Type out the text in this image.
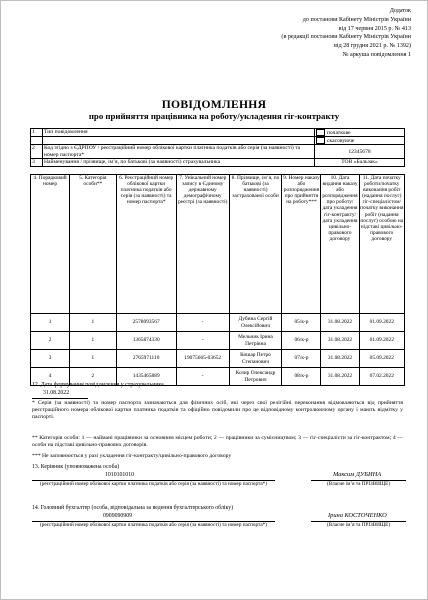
Додаток
до постанови Кабінету Міністрів України
від 17 червня 2015 р. № 413
(в редакції постанови Кабінету Міністрів України
від 28 грудня 2021 р. № 1392)
№ аркуша повідомлення 1
ПОВІДОМЛЕННЯ
про прийняття працівника на роботу/укладення гіг-контракту
1	Тип повідомлення	початкове
		скасовуюче
2	Код згідно з ЄДРПОУ / реєстраційний номер облікової картки платника податків або серія (за наявності) та номер паспорта*	12345678
3	Найменування / прізвище, ім’я, по батькові (за наявності) страхувальника	ТОВ «Бальзак»
4. Порядковий номер	5. Категорія особи**	6. Реєстраційний номер облікової картки платника податків або серія (за наявності) та номер паспорта*	7. Унікальний номер запису в Єдиному державному демографічному реєстрі (за наявності)	8. Прізвище, ім’я, по батькові (за наявності) застрахованої особи	9. Номер наказу або розпорядження про прийняття на роботу***	10. Дата видання наказу або розпорядження про роботу/дата укладення гіг-контракту/дата укладення цивільно-правового договору	11. Дата початку роботи/початку виконання робіт (надання послуг) гіг-спеціалістом/початку виконання робіт (надання послуг) особою на підставі цивільно-правового договору
1	1	2578093567	-	Дубина Сергій Олексійович	05/к-р	31.08.2022	01.09.2022
2	1	1365874330	-	Мельник Ірина Петрівна	06/к-р	31.08.2022	01.09.2022
3	1	2765971110	19075665-03652	Кошар Петро Степанович	07/к-р	31.08.2022	05.09.2022
4	2	1435465889	-	Козир Олександр Петрович	08/к-р	31.08.2022	07.02.2022
12. Дата формування повідомлення у страхувальника
31.08.2022
* Серія (за наявності) та номер паспорта зазначаються для фізичних осіб, які через свої релігійні переконання відмовляються від прийняття реєстраційного номера облікової картки платника податків та офіційно повідомили про це відповідному контролюючому органу і мають відмітку у паспорті.
** Категорія особи: 1 — наймані працівники за основним місцем роботи; 2 — працівники за сумісництвом; 3 — гіг-спеціалісти за гіг-контрактом; 4 — особи на підставі цивільно-правових договорів.
*** Не заповнюється у разі укладення гіг-контракту/цивільно-правового договору
13. Керівник (уповноважена особа)
1010101010
(реєстраційний номер облікової картки платника податків або серія (за наявності) та номер паспорта*)
Максим ДУБИНА
(Власне ім’я та ПРІЗВИЩЕ)
14. Головний бухгалтер (особа, відповідальна за ведення бухгалтерського обліку)
0909090909
(реєстраційний номер облікової картки платника податків або серія (за наявності) та номер паспорта*)
Ірина КОСТОЧЕНКО
(Власне ім’я та ПРІЗВИЩЕ)
